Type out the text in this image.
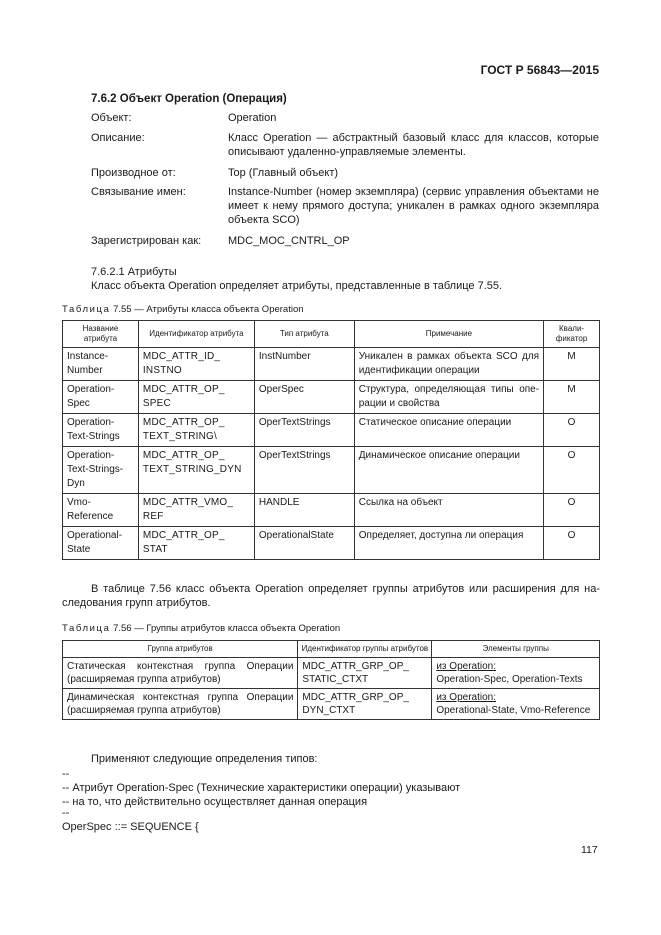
ГОСТ Р 56843—2015
7.6.2 Объект Operation (Операция)
Объект:	Operation
Описание:	Класс Operation — абстрактный базовый класс для классов, которые описывают удаленно-управляемые элементы.
Производное от:	Top (Главный объект)
Связывание имен:	Instance-Number (номер экземпляра) (сервис управления объектами не имеет к нему прямого доступа; уникален в рамках одного экземпляра объекта SCO)
Зарегистрирован как:	MDC_MOC_CNTRL_OP
7.6.2.1 Атрибуты
Класс объекта Operation определяет атрибуты, представленные в таблице 7.55.
Таблица 7.55 — Атрибуты класса объекта Operation
Название атрибута	Идентификатор атрибута	Тип атрибута	Примечание	Квали-фикатор
Instance-Number	MDC_ATTR_ID_ INSTNO	InstNumber	Уникален в рамках объекта SCO для идентификации операции	M
Operation-Spec	MDC_ATTR_OP_ SPEC	OperSpec	Структура, определяющая типы опе-рации и свойства	M
Operation-Text-Strings	MDC_ATTR_OP_ TEXT_STRING\	OperTextStrings	Статическое описание операции	O
Operation-Text-Strings-Dyn	MDC_ATTR_OP_ TEXT_STRING_DYN	OperTextStrings	Динамическое описание операции	O
Vmo-Reference	MDC_ATTR_VMO_ REF	HANDLE	Ссылка на объект	O
Operational-State	MDC_ATTR_OP_ STAT	OperationalState	Определяет, доступна ли операция	O
В таблице 7.56 класс объекта Operation определяет группы атрибутов или расширения для на-следования групп атрибутов.
Таблица 7.56 — Группы атрибутов класса объекта Operation
Группа атрибутов	Идентификатор группы атрибутов	Элементы группы
Статическая контекстная группа Операции (расширяемая группа атрибутов)	MDC_ATTR_GRP_OP_ STATIC_CTXT	из Operation:
Operation-Spec, Operation-Texts

Динамическая контекстная группа Операции (расширяемая группа атрибутов)	MDC_ATTR_GRP_OP_ DYN_CTXT	из Operation:
Operational-State, Vmo-Reference
Применяют следующие определения типов:
--
-- Атрибут Operation-Spec (Технические характеристики операции) указывают
-- на то, что действительно осуществляет данная операция
--
OperSpec ::= SEQUENCE {
117
